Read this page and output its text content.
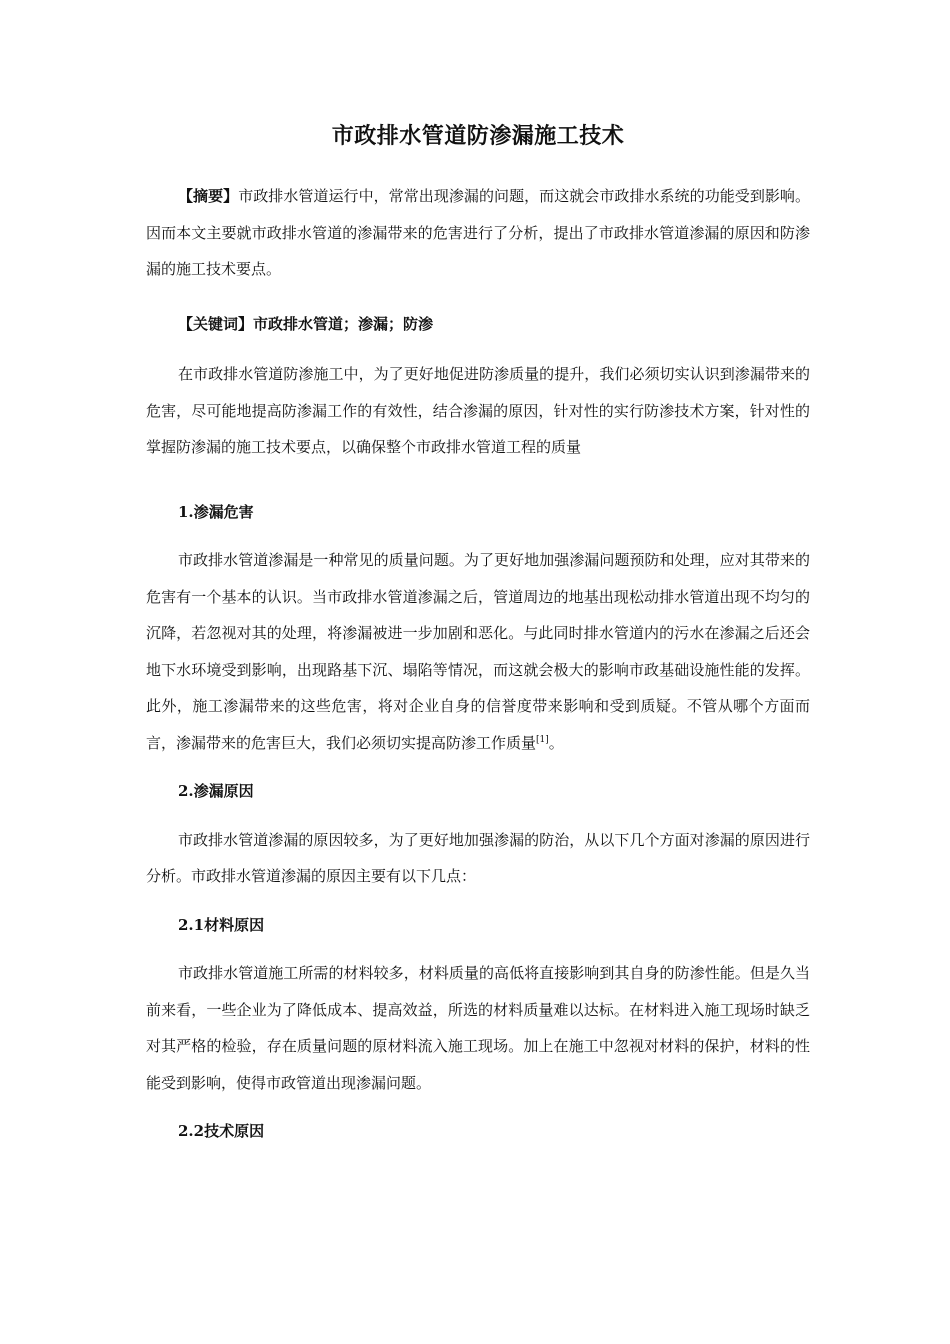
市政排水管道防渗漏施工技术

【摘要】市政排水管道运行中，常常出现渗漏的问题，而这就会市政排水系统的功能受到影响。因而本文主要就市政排水管道的渗漏带来的危害进行了分析，提出了市政排水管道渗漏的原因和防渗漏的施工技术要点。

【关键词】市政排水管道；渗漏；防渗

在市政排水管道防渗施工中，为了更好地促进防渗质量的提升，我们必须切实认识到渗漏带来的危害，尽可能地提高防渗漏工作的有效性，结合渗漏的原因，针对性的实行防渗技术方案，针对性的掌握防渗漏的施工技术要点，以确保整个市政排水管道工程的质量

1.渗漏危害

市政排水管道渗漏是一种常见的质量问题。为了更好地加强渗漏问题预防和处理，应对其带来的危害有一个基本的认识。当市政排水管道渗漏之后，管道周边的地基出现松动排水管道出现不均匀的沉降，若忽视对其的处理，将渗漏被进一步加剧和恶化。与此同时排水管道内的污水在渗漏之后还会地下水环境受到影响，出现路基下沉、塌陷等情况，而这就会极大的影响市政基础设施性能的发挥。此外，施工渗漏带来的这些危害，将对企业自身的信誉度带来影响和受到质疑。不管从哪个方面而言，渗漏带来的危害巨大，我们必须切实提高防渗工作质量[1]。

2.渗漏原因

市政排水管道渗漏的原因较多，为了更好地加强渗漏的防治，从以下几个方面对渗漏的原因进行分析。市政排水管道渗漏的原因主要有以下几点：

2.1材料原因

市政排水管道施工所需的材料较多，材料质量的高低将直接影响到其自身的防渗性能。但是久当前来看，一些企业为了降低成本、提高效益，所选的材料质量难以达标。在材料进入施工现场时缺乏对其严格的检验，存在质量问题的原材料流入施工现场。加上在施工中忽视对材料的保护，材料的性能受到影响，使得市政管道出现渗漏问题。

2.2技术原因
